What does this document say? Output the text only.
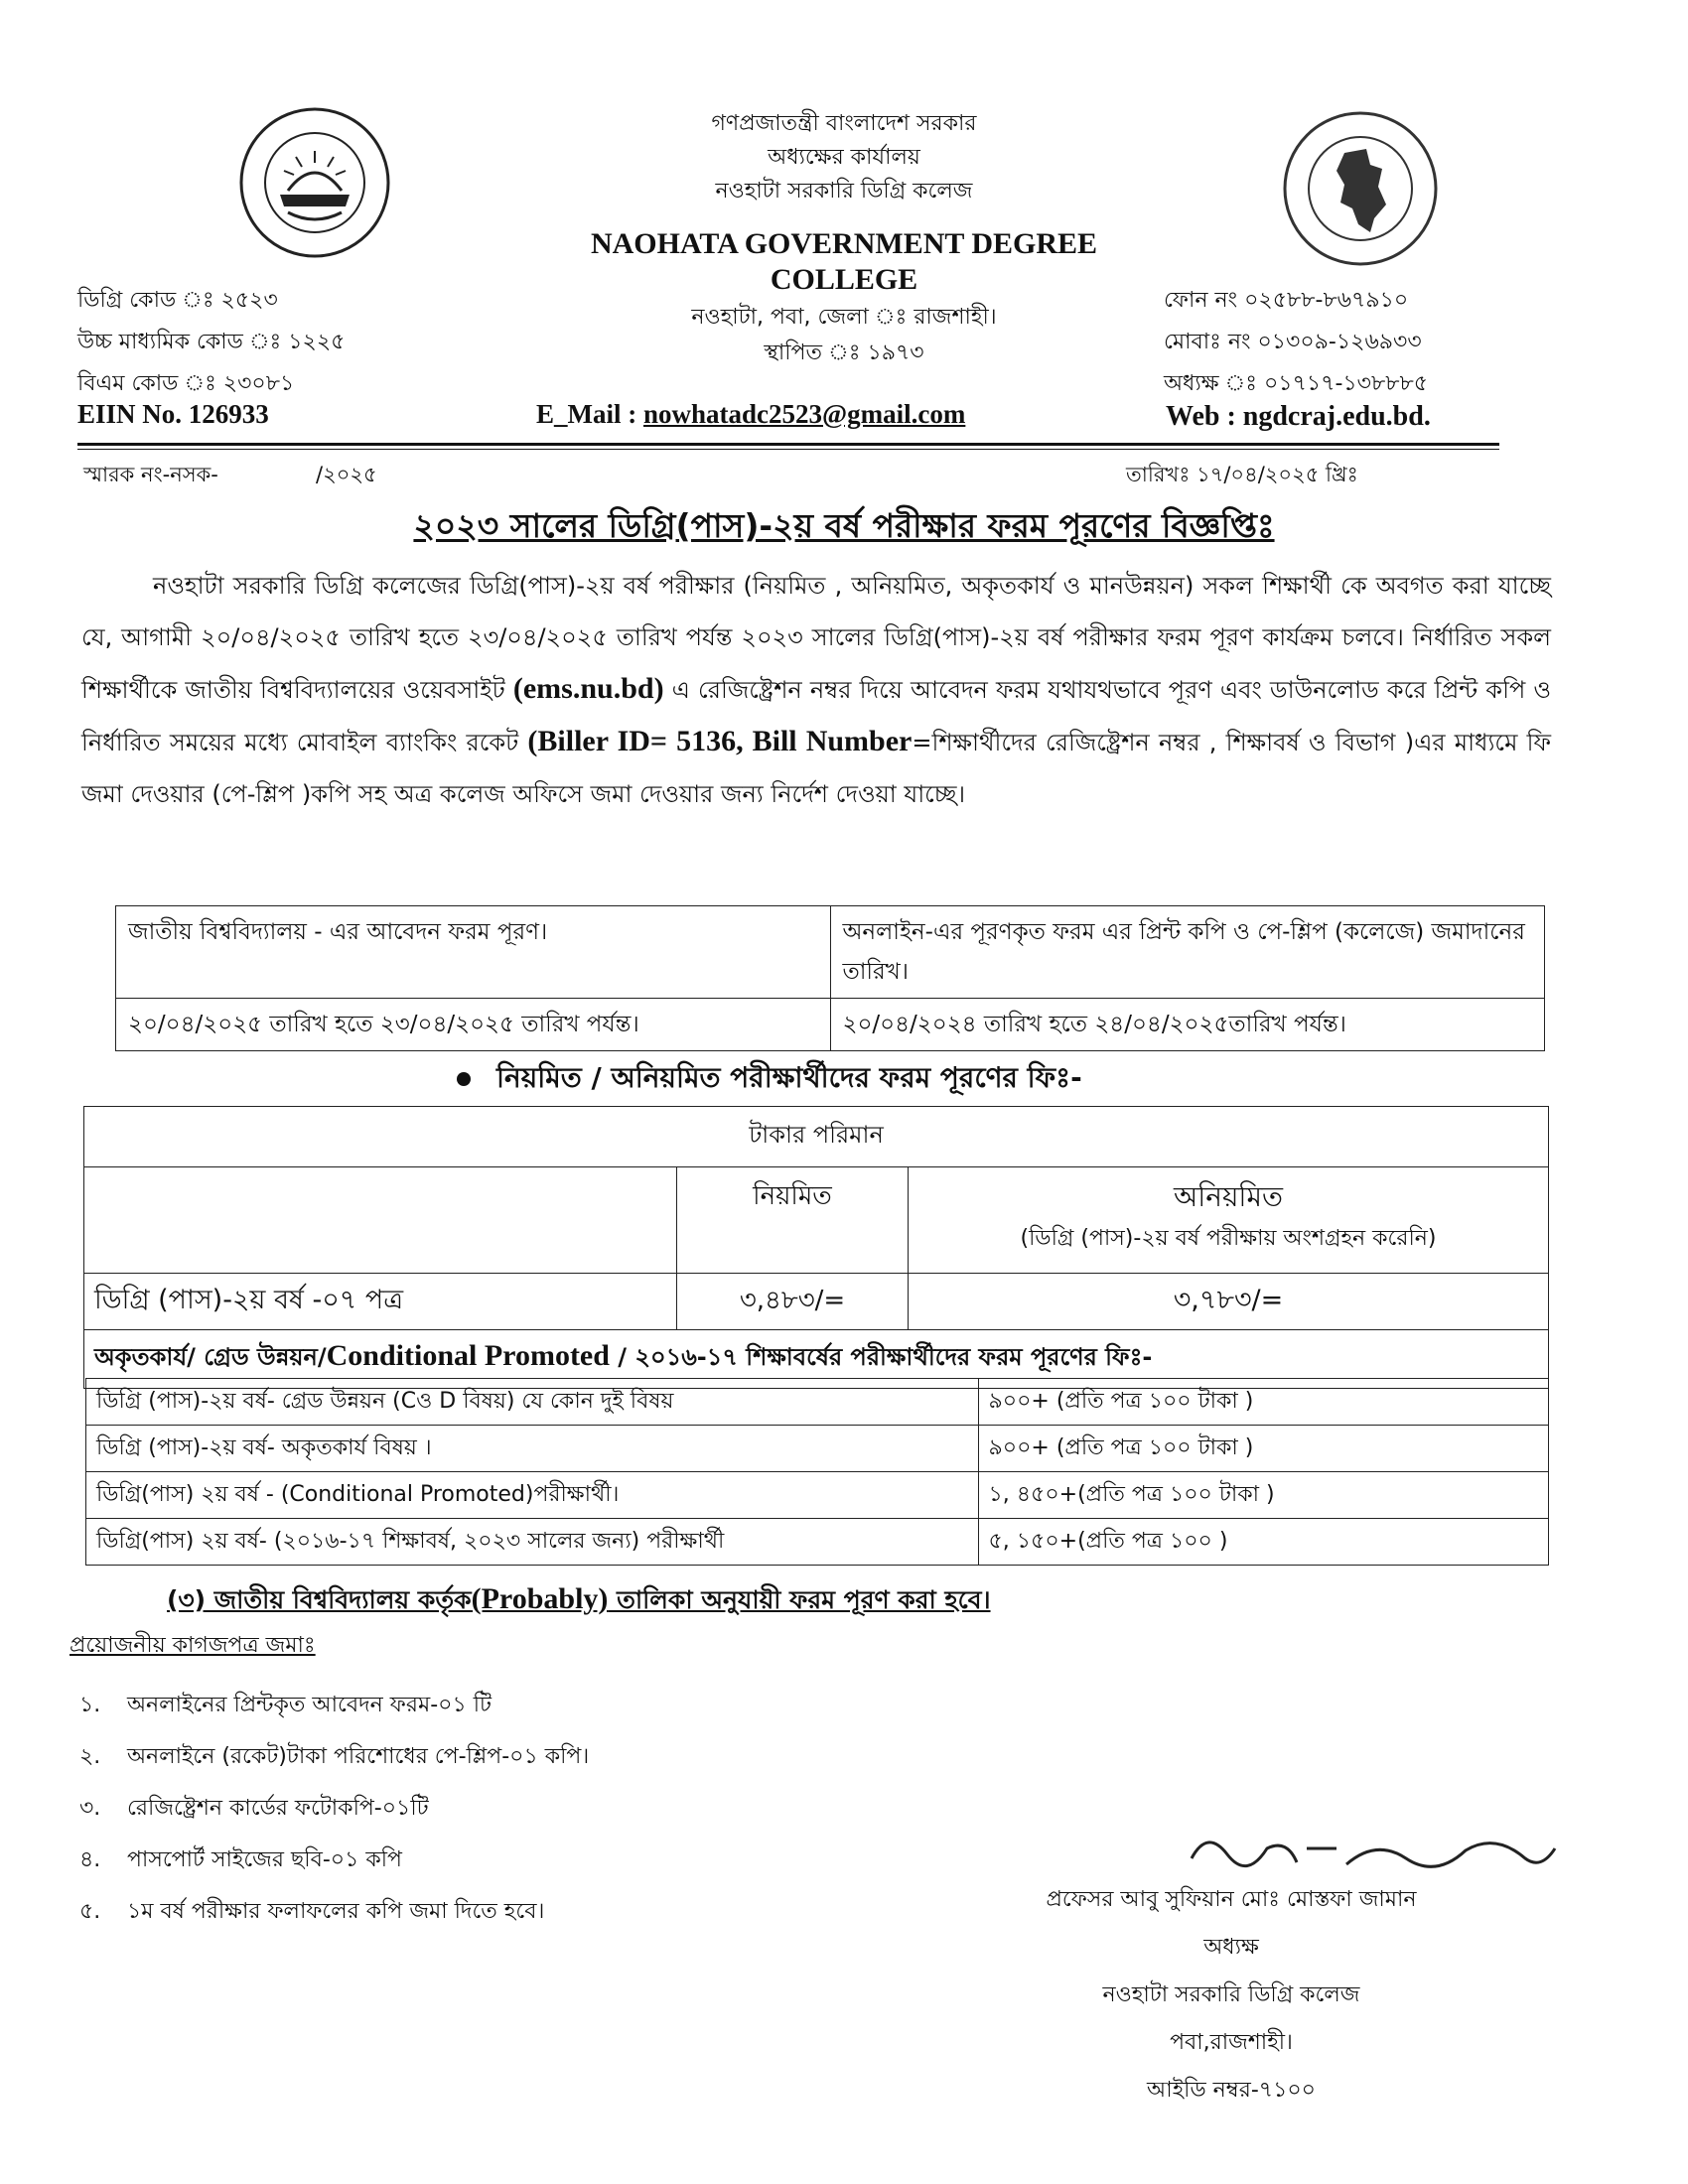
গণপ্রজাতন্ত্রী বাংলাদেশ সরকার
অধ্যক্ষের কার্যালয়
নওহাটা সরকারি ডিগ্রি কলেজ
NAOHATA GOVERNMENT DEGREE
COLLEGE
নওহাটা, পবা, জেলা ঃ রাজশাহী।
স্থাপিত ঃ ১৯৭৩
ডিগ্রি কোড ঃ ২৫২৩
উচ্চ মাধ্যমিক কোড ঃ ১২২৫
বিএম কোড ঃ ২৩০৮১
EIIN No. 126933	E_Mail : nowhatadc2523@gmail.com
ফোন নং ০২৫৮৮-৮৬৭৯১০
মোবাঃ নং ০১৩০৯-১২৬৯৩৩
অধ্যক্ষ ঃ ০১৭১৭-১৩৮৮৮৫
Web : ngdcraj.edu.bd.
স্মারক নং-নসক-	/২০২৫	তারিখঃ ১৭/০৪/২০২৫ খ্রিঃ
২০২৩ সালের ডিগ্রি(পাস)-২য় বর্ষ পরীক্ষার ফরম পূরণের বিজ্ঞপ্তিঃ
   নওহাটা সরকারি ডিগ্রি কলেজের ডিগ্রি(পাস)-২য় বর্ষ পরীক্ষার (নিয়মিত , অনিয়মিত, অকৃতকার্য ও মানউন্নয়ন) সকল শিক্ষার্থী কে অবগত করা যাচ্ছে যে, আগামী ২০/০৪/২০২৫ তারিখ হতে ২৩/০৪/২০২৫ তারিখ পর্যন্ত ২০২৩ সালের ডিগ্রি(পাস)-২য় বর্ষ পরীক্ষার ফরম পূরণ কার্যক্রম চলবে। নির্ধারিত সকল শিক্ষার্থীকে জাতীয় বিশ্ববিদ্যালয়ের ওয়েবসাইট (ems.nu.bd) এ রেজিষ্ট্রেশন নম্বর দিয়ে আবেদন ফরম যথাযথভাবে পূরণ এবং ডাউনলোড করে প্রিন্ট কপি ও নির্ধারিত সময়ের মধ্যে মোবাইল ব্যাংকিং রকেট (Biller ID= 5136, Bill Number=শিক্ষার্থীদের রেজিষ্ট্রেশন নম্বর , শিক্ষাবর্ষ ও বিভাগ )এর মাধ্যমে ফি জমা দেওয়ার (পে-শ্লিপ )কপি সহ অত্র কলেজ অফিসে জমা দেওয়ার জন্য নির্দেশ দেওয়া যাচ্ছে।
জাতীয় বিশ্ববিদ্যালয় - এর আবেদন ফরম পূরণ।	অনলাইন-এর পূরণকৃত ফরম এর প্রিন্ট কপি ও পে-শ্লিপ (কলেজে) জমাদানের তারিখ।
২০/০৪/২০২৫ তারিখ হতে ২৩/০৪/২০২৫ তারিখ পর্যন্ত।	২০/০৪/২০২৪ তারিখ হতে ২৪/০৪/২০২৫তারিখ পর্যন্ত।
নিয়মিত / অনিয়মিত পরীক্ষার্থীদের ফরম পূরণের ফিঃ-
টাকার পরিমান		
	নিয়মিত	অনিয়মিত
(ডিগ্রি (পাস)-২য় বর্ষ পরীক্ষায় অংশগ্রহন করেনি)

ডিগ্রি (পাস)-২য় বর্ষ -০৭ পত্র	৩,৪৮৩/=	৩,৭৮৩/=
অকৃতকার্য/ গ্রেড উন্নয়ন/Conditional Promoted / ২০১৬-১৭ শিক্ষাবর্ষের পরীক্ষার্থীদের ফরম পূরণের ফিঃ-		
ডিগ্রি (পাস)-২য় বর্ষ- গ্রেড উন্নয়ন (Cও D বিষয়) যে কোন দুই বিষয়	৯০০+ (প্রতি পত্র ১০০ টাকা )
ডিগ্রি (পাস)-২য় বর্ষ- অকৃতকার্য বিষয় ।	৯০০+ (প্রতি পত্র ১০০ টাকা )
ডিগ্রি(পাস) ২য় বর্ষ - (Conditional Promoted)পরীক্ষার্থী।	১, ৪৫০+(প্রতি পত্র ১০০ টাকা )
ডিগ্রি(পাস) ২য় বর্ষ- (২০১৬-১৭ শিক্ষাবর্ষ, ২০২৩ সালের জন্য) পরীক্ষার্থী	৫, ১৫০+(প্রতি পত্র ১০০ )
(৩) জাতীয় বিশ্ববিদ্যালয় কর্তৃক(Probably) তালিকা অনুযায়ী ফরম পূরণ করা হবে।
প্রয়োজনীয় কাগজপত্র জমাঃ
১. অনলাইনের প্রিন্টকৃত আবেদন ফরম-০১ টি
২. অনলাইনে (রকেট)টাকা পরিশোধের পে-শ্লিপ-০১ কপি।
৩. রেজিষ্ট্রেশন কার্ডের ফটোকপি-০১টি
৪. পাসপোর্ট সাইজের ছবি-০১ কপি
৫. ১ম বর্ষ পরীক্ষার ফলাফলের কপি জমা দিতে হবে।	প্রফেসর আবু সুফিয়ান মোঃ মোস্তফা জামান
অধ্যক্ষ
নওহাটা সরকারি ডিগ্রি কলেজ
পবা,রাজশাহী।
আইডি নম্বর-৭১০০
